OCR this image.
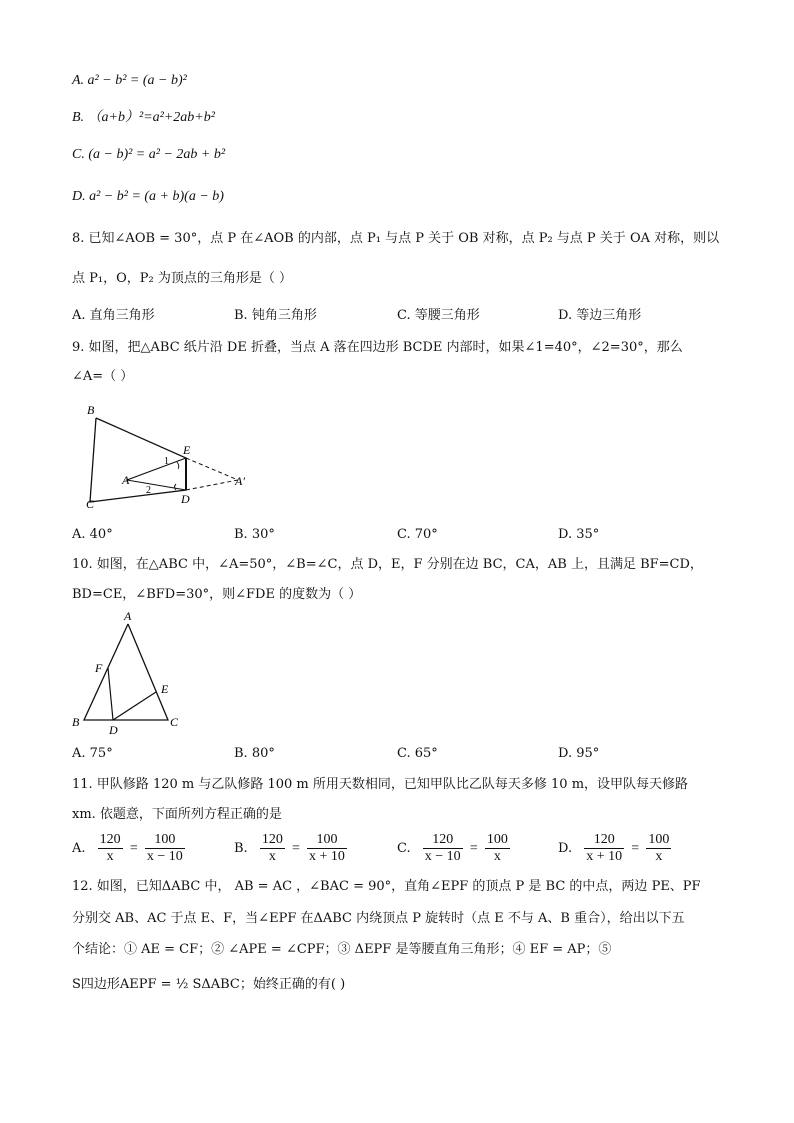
A. a² − b² = (a − b)²
B. （a+b）²=a²+2ab+b²
C. (a − b)² = a² − 2ab + b²
D. a² − b² = (a + b)(a − b)
8. 已知∠AOB = 30°，点 P 在∠AOB 的内部，点 P₁ 与点 P 关于 OB 对称，点 P₂ 与点 P 关于 OA 对称，则以
点 P₁，O，P₂ 为顶点的三角形是（ ）
A. 直角三角形	B. 钝角三角形	C. 等腰三角形	D. 等边三角形
9. 如图，把△ABC 纸片沿 DE 折叠，当点 A 落在四边形 BCDE 内部时，如果∠1=40°，∠2=30°，那么
∠A=（ ）
B
E
1
A	A′
2
C	D
A. 40°	B. 30°	C. 70°	D. 35°
10. 如图，在△ABC 中，∠A=50°，∠B=∠C，点 D，E，F 分别在边 BC，CA，AB 上，且满足 BF=CD，
BD=CE，∠BFD=30°，则∠FDE 的度数为（ ）
A
F
E
B
D
C
A. 75°	B. 80°	C. 65°	D. 95°
11. 甲队修路 120 m 与乙队修路 100 m 所用天数相同，已知甲队比乙队每天多修 10 m，设甲队每天修路
xm. 依题意，下面所列方程正确的是
A. $\frac{120}{x} = \frac{100}{x - 10}$	B. $\frac{120}{x} = \frac{100}{x + 10}$	C. $\frac{120}{x - 10} = \frac{100}{x}$	D. $\frac{120}{x + 10} = \frac{100}{x}$
12. 如图，已知ΔABC 中， AB = AC ，∠BAC = 90°，直角∠EPF 的顶点 P 是 BC 的中点，两边 PE、PF
分别交 AB、AC 于点 E、F，当∠EPF 在ΔABC 内绕顶点 P 旋转时（点 E 不与 A、B 重合），给出以下五
个结论：① AE = CF；② ∠APE = ∠CPF；③ ΔEPF 是等腰直角三角形；④ EF = AP；⑤
S四边形AEPF = ½ SΔABC；始终正确的有( )
